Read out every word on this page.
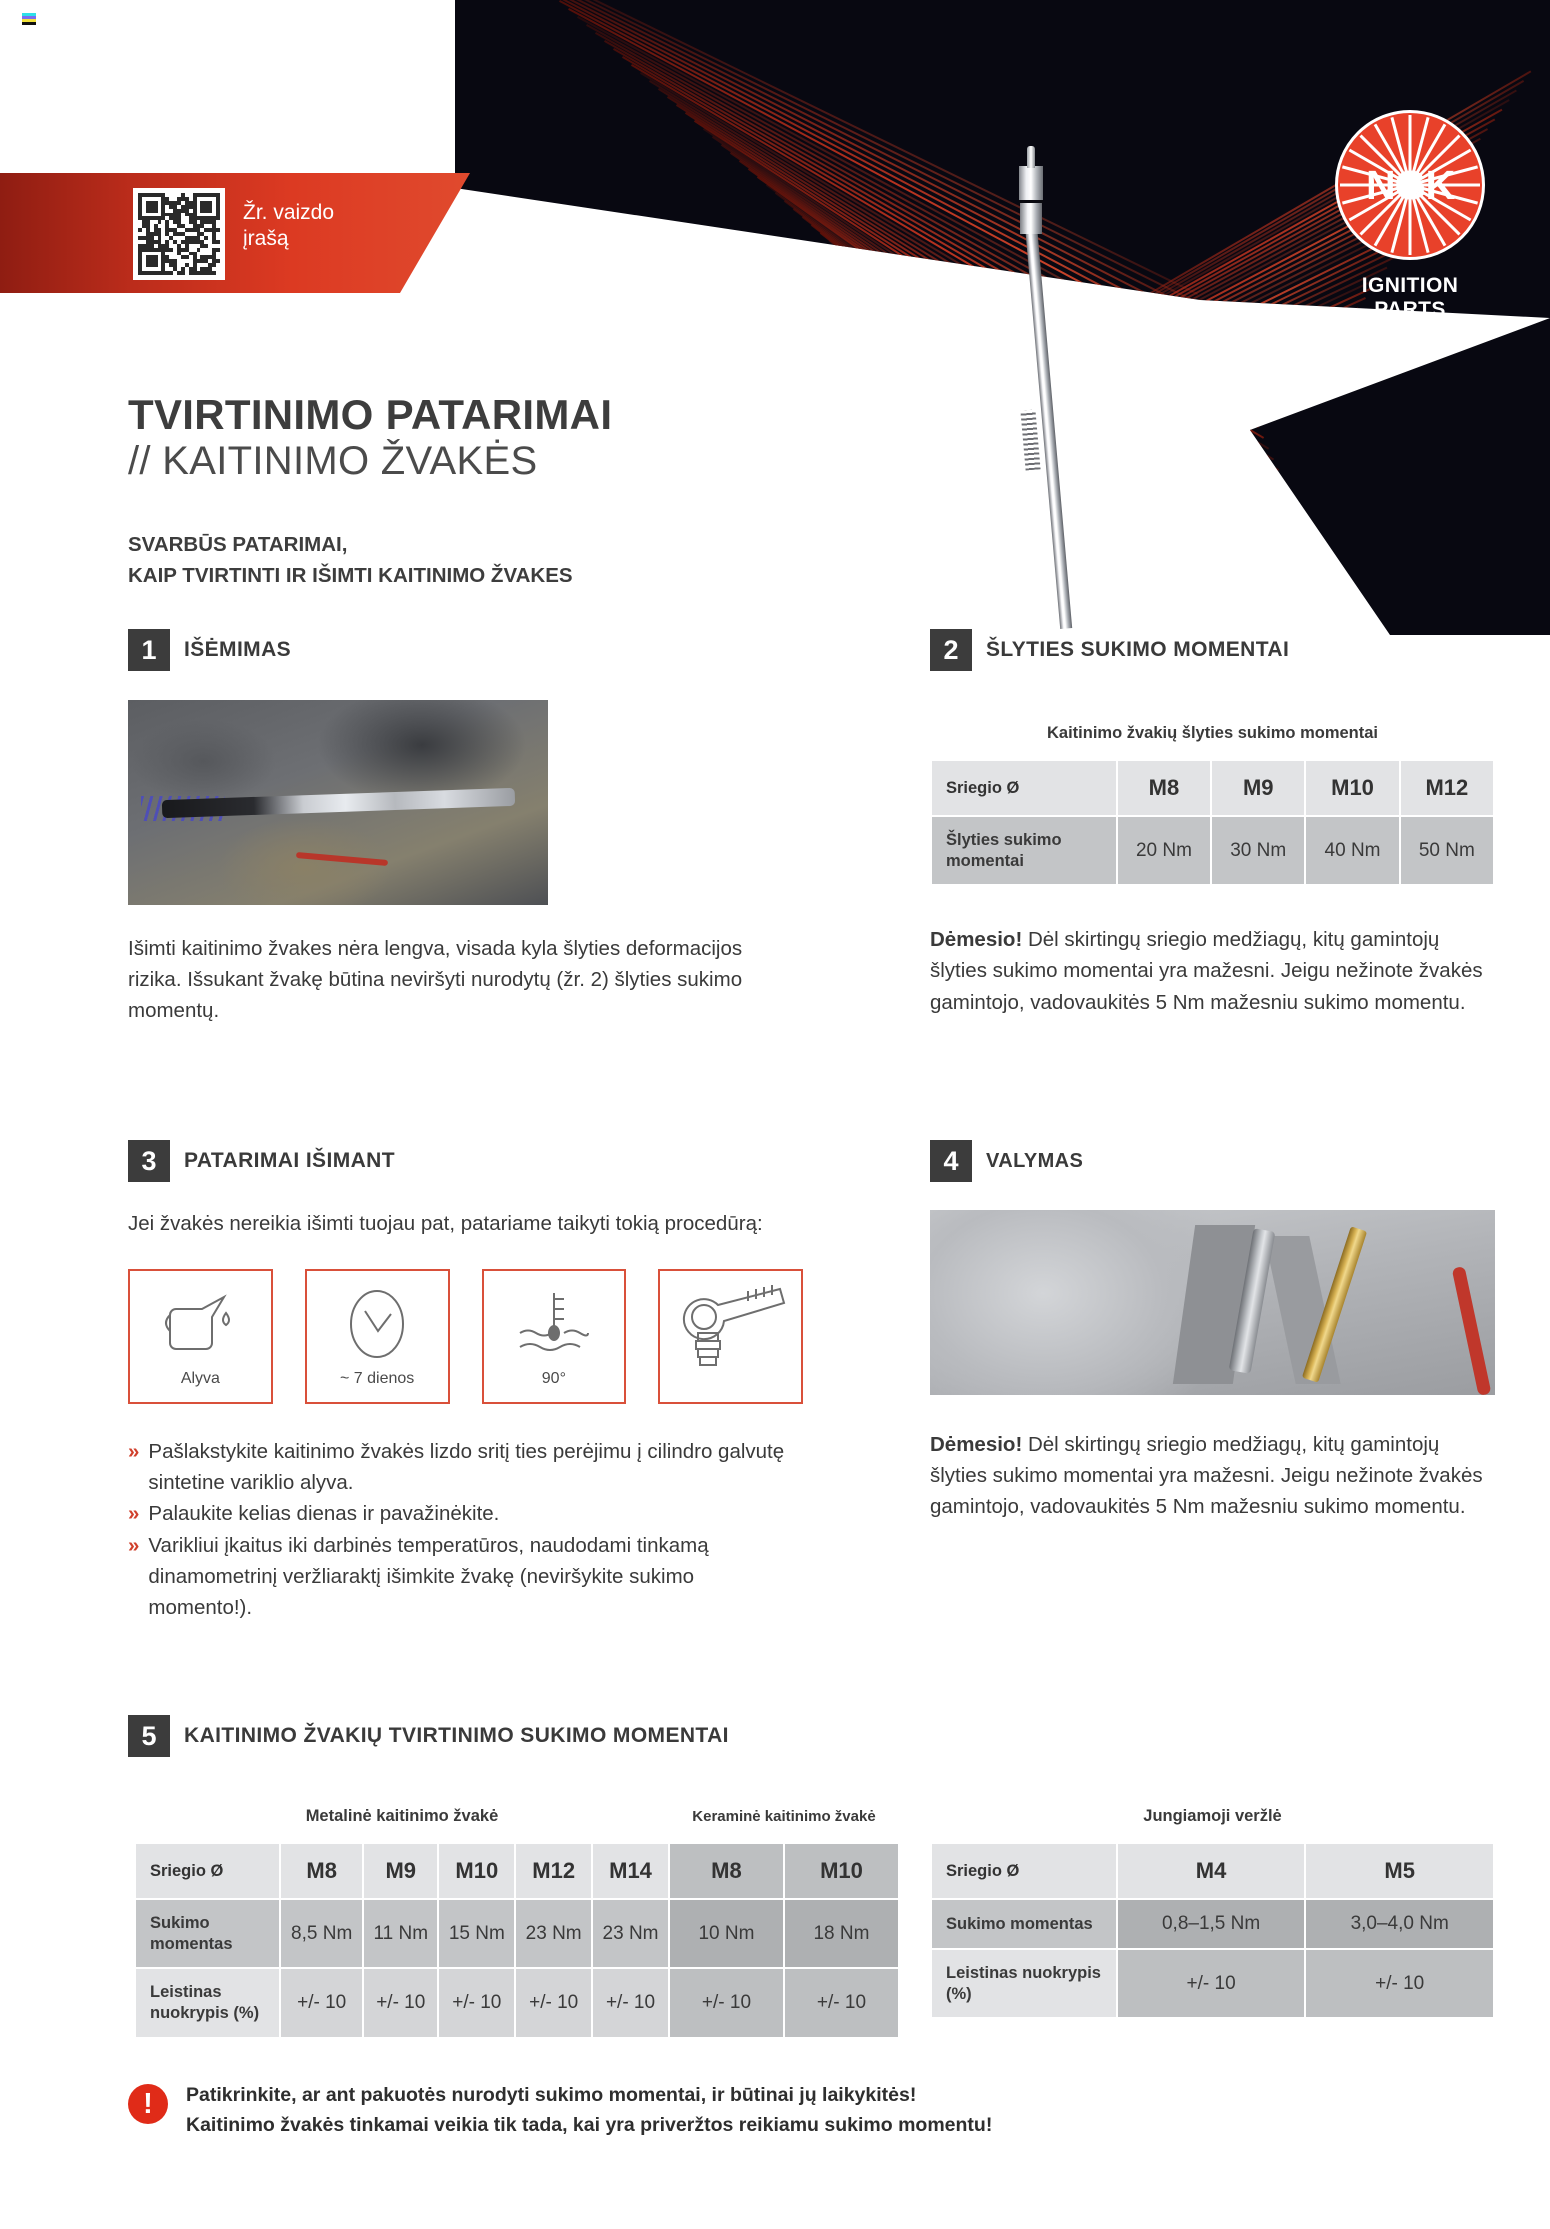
NGK
IGNITION
PARTS
Žr. vaizdo
įrašą
TVIRTINIMO PATARIMAI
// KAITINIMO ŽVAKĖS
SVARBŪS PATARIMAI,
KAIP TVIRTINTI IR IŠIMTI KAITINIMO ŽVAKES
1	IŠĖMIMAS
Išimti kaitinimo žvakes nėra lengva, visada kyla šlyties deformacijos rizika. Išsukant žvakę būtina neviršyti nurodytų (žr. 2) šlyties sukimo momentų.
2	ŠLYTIES SUKIMO MOMENTAI
Kaitinimo žvakių šlyties sukimo momentai				
Sriegio Ø	M8	M9	M10	M12
Šlyties sukimo momentai	20 Nm	30 Nm	40 Nm	50 Nm
Dėmesio! Dėl skirtingų sriegio medžiagų, kitų gamintojų šlyties sukimo momentai yra mažesni. Jeigu nežinote žvakės gamintojo, vadovaukitės 5 Nm mažesniu sukimo momentu.
3	PATARIMAI IŠIMANT
Jei žvakės nereikia išimti tuojau pat, patariame taikyti tokią procedūrą:
Alyva	~ 7 dienos	90°
» Pašlakstykite kaitinimo žvakės lizdo sritį ties perėjimu į cilindro galvutę sintetine variklio alyva.
» Palaukite kelias dienas ir pavažinėkite.
» Varikliui įkaitus iki darbinės temperatūros, naudodami tinkamą dinamometrinį veržliaraktį išimkite žvakę (neviršykite sukimo momento!).
4	VALYMAS
Dėmesio! Dėl skirtingų sriegio medžiagų, kitų gamintojų šlyties sukimo momentai yra mažesni. Jeigu nežinote žvakės gamintojo, vadovaukitės 5 Nm mažesniu sukimo momentu.
5	KAITINIMO ŽVAKIŲ TVIRTINIMO SUKIMO MOMENTAI
Metalinė kaitinimo žvakė						Keraminė kaitinimo žvakė	
Sriegio Ø	M8	M9	M10	M12	M14	M8	M10
Sukimo momentas	8,5 Nm	11 Nm	15 Nm	23 Nm	23 Nm	10 Nm	18 Nm
Leistinas nuokrypis (%)	+/- 10	+/- 10	+/- 10	+/- 10	+/- 10	+/- 10	+/- 10
Jungiamoji veržlė		
Sriegio Ø	M4	M5
Sukimo momentas	0,8–1,5 Nm	3,0–4,0 Nm
Leistinas nuokrypis (%)	+/- 10	+/- 10
!	Patikrinkite, ar ant pakuotės nurodyti sukimo momentai, ir būtinai jų laikykitės!
Kaitinimo žvakės tinkamai veikia tik tada, kai yra priveržtos reikiamu sukimo momentu!
